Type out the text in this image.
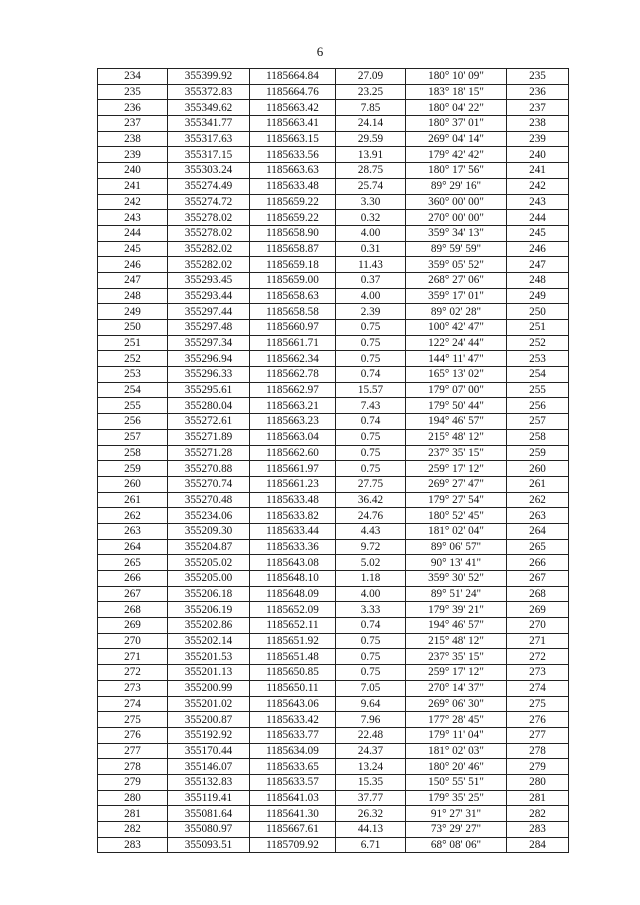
6
234	355399.92	1185664.84	27.09	180° 10' 09"	235
235	355372.83	1185664.76	23.25	183° 18' 15"	236
236	355349.62	1185663.42	7.85	180° 04' 22"	237
237	355341.77	1185663.41	24.14	180° 37' 01"	238
238	355317.63	1185663.15	29.59	269° 04' 14"	239
239	355317.15	1185633.56	13.91	179° 42' 42"	240
240	355303.24	1185663.63	28.75	180° 17' 56"	241
241	355274.49	1185633.48	25.74	89° 29' 16"	242
242	355274.72	1185659.22	3.30	360° 00' 00"	243
243	355278.02	1185659.22	0.32	270° 00' 00"	244
244	355278.02	1185658.90	4.00	359° 34' 13"	245
245	355282.02	1185658.87	0.31	89° 59' 59"	246
246	355282.02	1185659.18	11.43	359° 05' 52"	247
247	355293.45	1185659.00	0.37	268° 27' 06"	248
248	355293.44	1185658.63	4.00	359° 17' 01"	249
249	355297.44	1185658.58	2.39	89° 02' 28"	250
250	355297.48	1185660.97	0.75	100° 42' 47"	251
251	355297.34	1185661.71	0.75	122° 24' 44"	252
252	355296.94	1185662.34	0.75	144° 11' 47"	253
253	355296.33	1185662.78	0.74	165° 13' 02"	254
254	355295.61	1185662.97	15.57	179° 07' 00"	255
255	355280.04	1185663.21	7.43	179° 50' 44"	256
256	355272.61	1185663.23	0.74	194° 46' 57"	257
257	355271.89	1185663.04	0.75	215° 48' 12"	258
258	355271.28	1185662.60	0.75	237° 35' 15"	259
259	355270.88	1185661.97	0.75	259° 17' 12"	260
260	355270.74	1185661.23	27.75	269° 27' 47"	261
261	355270.48	1185633.48	36.42	179° 27' 54"	262
262	355234.06	1185633.82	24.76	180° 52' 45"	263
263	355209.30	1185633.44	4.43	181° 02' 04"	264
264	355204.87	1185633.36	9.72	89° 06' 57"	265
265	355205.02	1185643.08	5.02	90° 13' 41"	266
266	355205.00	1185648.10	1.18	359° 30' 52"	267
267	355206.18	1185648.09	4.00	89° 51' 24"	268
268	355206.19	1185652.09	3.33	179° 39' 21"	269
269	355202.86	1185652.11	0.74	194° 46' 57"	270
270	355202.14	1185651.92	0.75	215° 48' 12"	271
271	355201.53	1185651.48	0.75	237° 35' 15"	272
272	355201.13	1185650.85	0.75	259° 17' 12"	273
273	355200.99	1185650.11	7.05	270° 14' 37"	274
274	355201.02	1185643.06	9.64	269° 06' 30"	275
275	355200.87	1185633.42	7.96	177° 28' 45"	276
276	355192.92	1185633.77	22.48	179° 11' 04"	277
277	355170.44	1185634.09	24.37	181° 02' 03"	278
278	355146.07	1185633.65	13.24	180° 20' 46"	279
279	355132.83	1185633.57	15.35	150° 55' 51"	280
280	355119.41	1185641.03	37.77	179° 35' 25"	281
281	355081.64	1185641.30	26.32	91° 27' 31"	282
282	355080.97	1185667.61	44.13	73° 29' 27"	283
283	355093.51	1185709.92	6.71	68° 08' 06"	284
